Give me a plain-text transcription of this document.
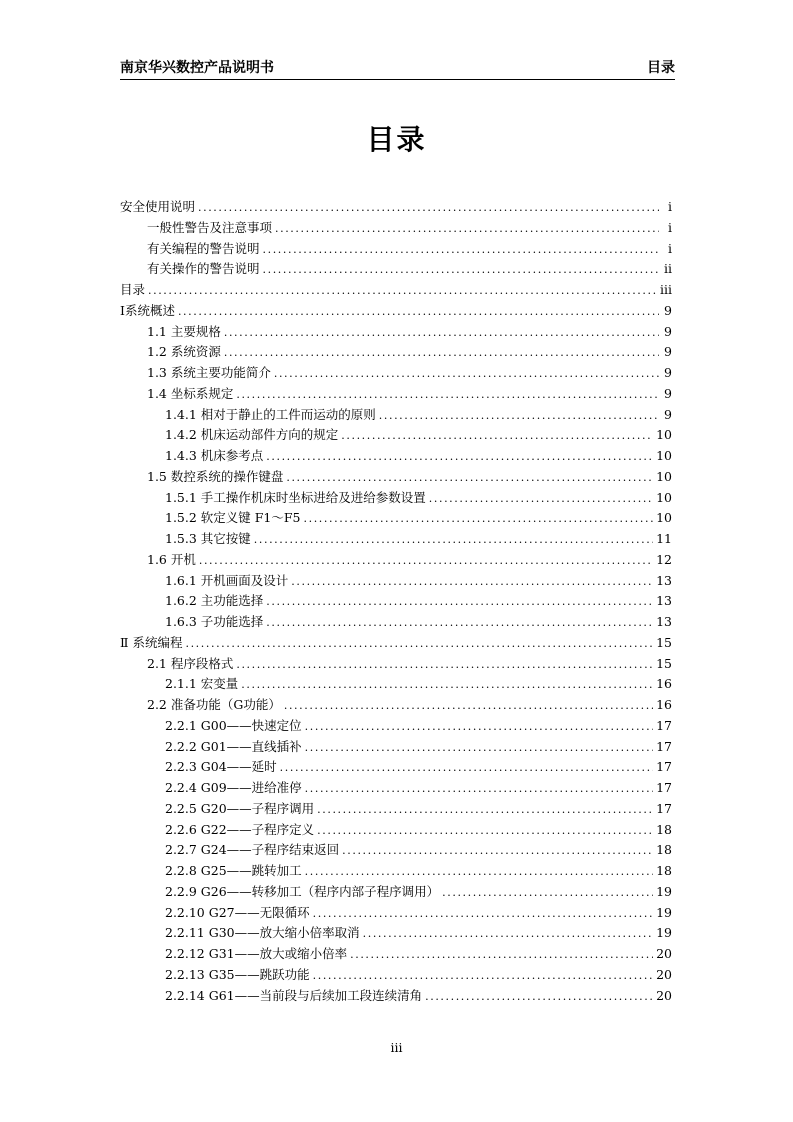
南京华兴数控产品说明书	目录
目录
安全使用说明 .....	i
一般性警告及注意事项 .....	i
有关编程的警告说明 .....	i
有关操作的警告说明 .....	ii
目录 .....	iii
Ⅰ系统概述 .....	9
1.1 主要规格 .....	9
1.2 系统资源 .....	9
1.3 系统主要功能简介 .....	9
1.4 坐标系规定 .....	9
1.4.1 相对于静止的工件而运动的原则 .....	9
1.4.2 机床运动部件方向的规定 .....	10
1.4.3 机床参考点 .....	10
1.5 数控系统的操作键盘 .....	10
1.5.1 手工操作机床时坐标进给及进给参数设置 .....	10
1.5.2 软定义键 F1～F5 .....	10
1.5.3 其它按键 .....	11
1.6 开机 .....	12
1.6.1 开机画面及设计 .....	13
1.6.2 主功能选择 .....	13
1.6.3 子功能选择 .....	13
Ⅱ 系统编程 .....	15
2.1 程序段格式 .....	15
2.1.1 宏变量 .....	16
2.2 准备功能（G功能） .....	16
2.2.1 G00——快速定位 .....	17
2.2.2 G01——直线插补 .....	17
2.2.3 G04——延时 .....	17
2.2.4 G09——进给准停 .....	17
2.2.5 G20——子程序调用 .....	17
2.2.6 G22——子程序定义 .....	18
2.2.7 G24——子程序结束返回 .....	18
2.2.8 G25——跳转加工 .....	18
2.2.9 G26——转移加工（程序内部子程序调用） .....	19
2.2.10 G27——无限循环 .....	19
2.2.11 G30——放大缩小倍率取消 .....	19
2.2.12 G31——放大或缩小倍率 .....	20
2.2.13 G35——跳跃功能 .....	20
2.2.14 G61——当前段与后续加工段连续清角 .....	20
iii
